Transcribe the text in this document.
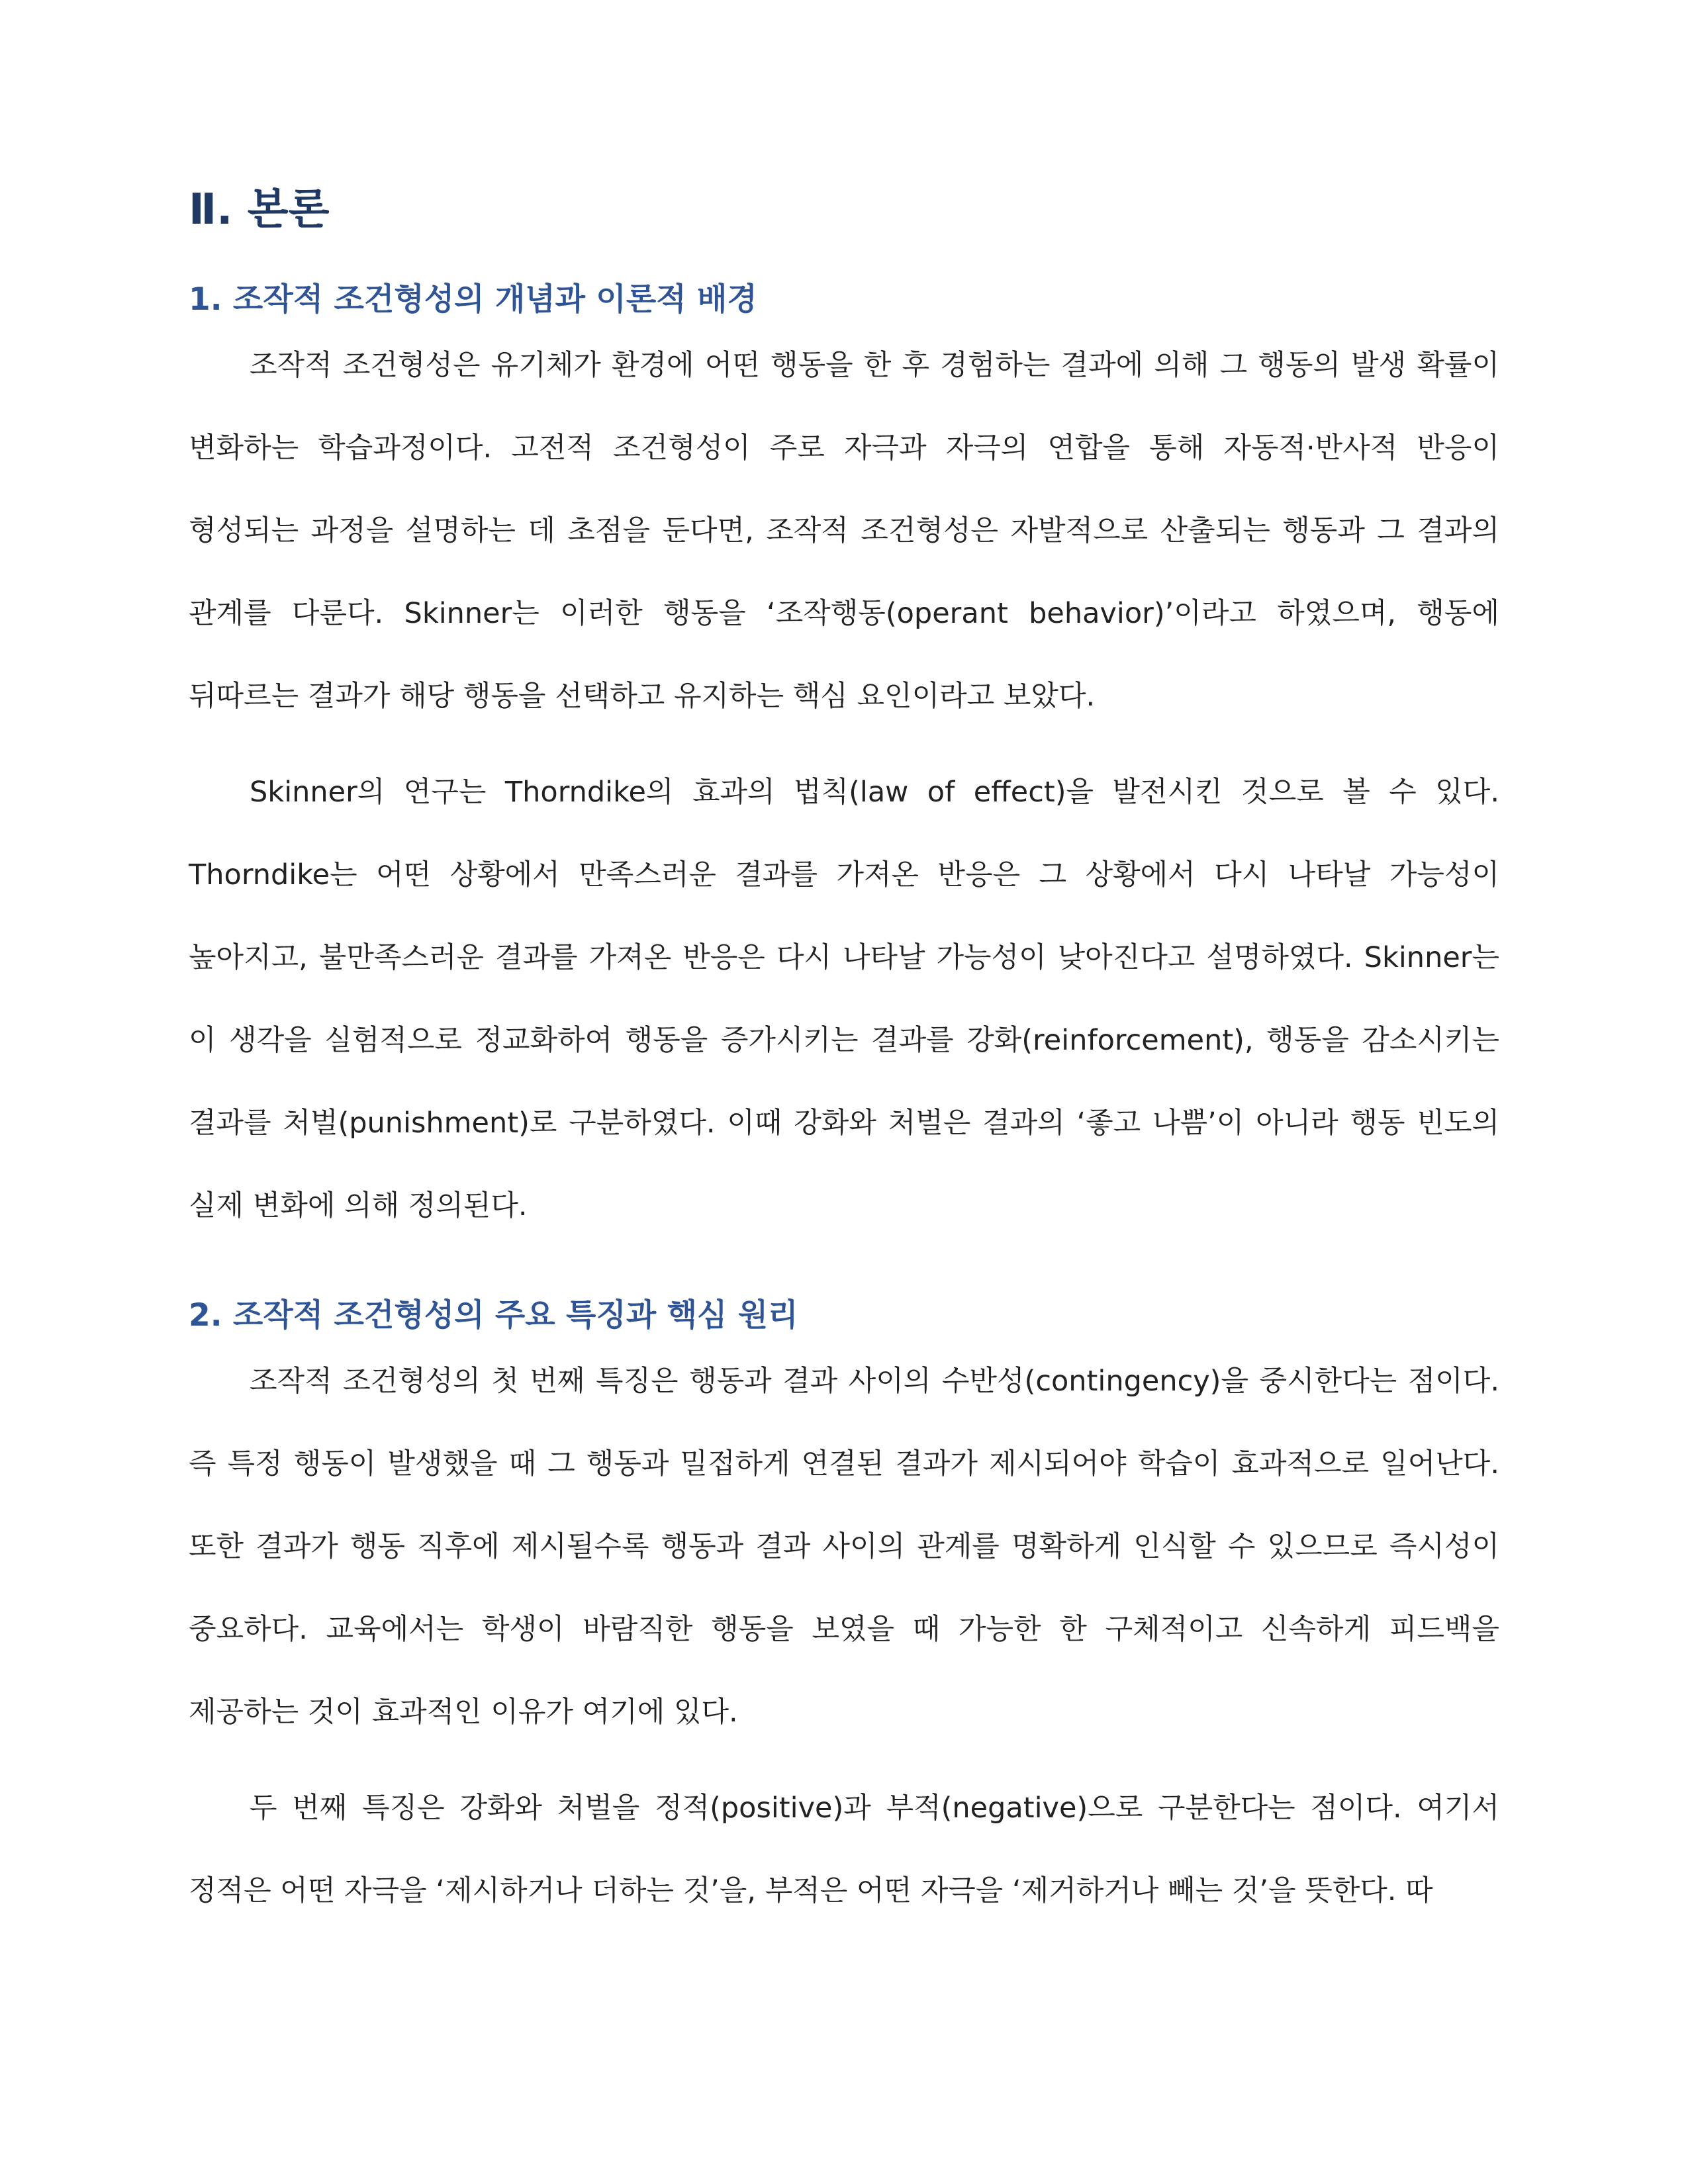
Ⅱ. 본론
1. 조작적 조건형성의 개념과 이론적 배경

조작적 조건형성은 유기체가 환경에 어떤 행동을 한 후 경험하는 결과에 의해 그 행동의 발생 확률이 변화하는 학습과정이다. 고전적 조건형성이 주로 자극과 자극의 연합을 통해 자동적·반사적 반응이 형성되는 과정을 설명하는 데 초점을 둔다면, 조작적 조건형성은 자발적으로 산출되는 행동과 그 결과의 관계를 다룬다. Skinner는 이러한 행동을 ‘조작행동(operant behavior)’이라고 하였으며, 행동에 뒤따르는 결과가 해당 행동을 선택하고 유지하는 핵심 요인이라고 보았다.

Skinner의 연구는 Thorndike의 효과의 법칙(law of effect)을 발전시킨 것으로 볼 수 있다. Thorndike는 어떤 상황에서 만족스러운 결과를 가져온 반응은 그 상황에서 다시 나타날 가능성이 높아지고, 불만족스러운 결과를 가져온 반응은 다시 나타날 가능성이 낮아진다고 설명하였다. Skinner는 이 생각을 실험적으로 정교화하여 행동을 증가시키는 결과를 강화(reinforcement), 행동을 감소시키는 결과를 처벌(punishment)로 구분하였다. 이때 강화와 처벌은 결과의 ‘좋고 나쁨’이 아니라 행동 빈도의 실제 변화에 의해 정의된다.

2. 조작적 조건형성의 주요 특징과 핵심 원리

조작적 조건형성의 첫 번째 특징은 행동과 결과 사이의 수반성(contingency)을 중시한다는 점이다. 즉 특정 행동이 발생했을 때 그 행동과 밀접하게 연결된 결과가 제시되어야 학습이 효과적으로 일어난다. 또한 결과가 행동 직후에 제시될수록 행동과 결과 사이의 관계를 명확하게 인식할 수 있으므로 즉시성이 중요하다. 교육에서는 학생이 바람직한 행동을 보였을 때 가능한 한 구체적이고 신속하게 피드백을 제공하는 것이 효과적인 이유가 여기에 있다.

두 번째 특징은 강화와 처벌을 정적(positive)과 부적(negative)으로 구분한다는 점이다. 여기서 정적은 어떤 자극을 ‘제시하거나 더하는 것’을, 부적은 어떤 자극을 ‘제거하거나 빼는 것’을 뜻한다. 따
